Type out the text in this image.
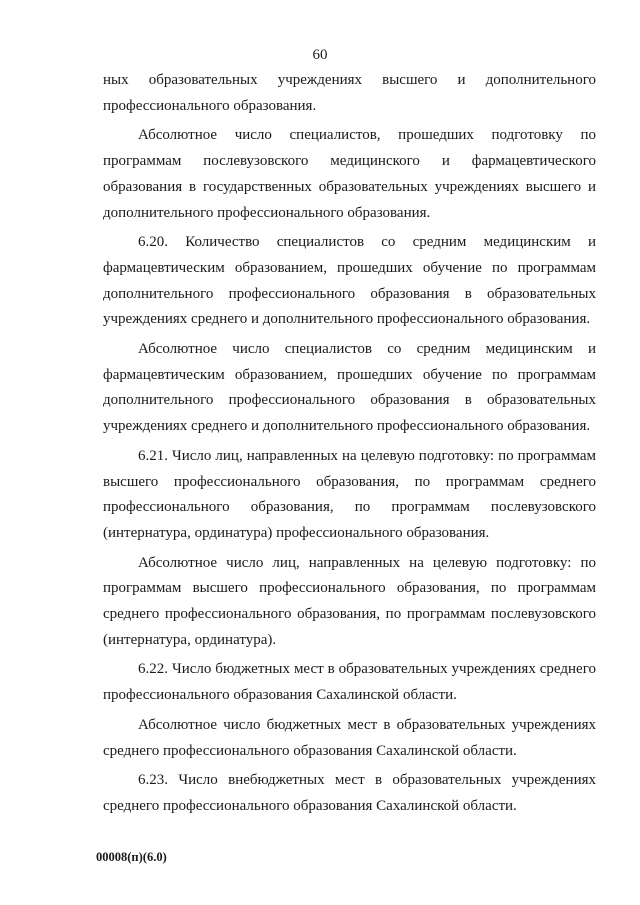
60

ных образовательных учреждениях высшего и дополнительного профессионального образования.

Абсолютное число специалистов, прошедших подготовку по программам послевузовского медицинского и фармацевтического образования в государственных образовательных учреждениях высшего и дополнительного профессионального образования.

6.20. Количество специалистов со средним медицинским и фармацевтическим образованием, прошедших обучение по программам дополнительного профессионального образования в образовательных учреждениях среднего и дополнительного профессионального образования.

Абсолютное число специалистов со средним медицинским и фармацевтическим образованием, прошедших обучение по программам дополнительного профессионального образования в образовательных учреждениях среднего и дополнительного профессионального образования.

6.21. Число лиц, направленных на целевую подготовку: по программам высшего профессионального образования, по программам среднего профессионального образования, по программам послевузовского (интернатура, ординатура) профессионального образования.

Абсолютное число лиц, направленных на целевую подготовку: по программам высшего профессионального образования, по программам среднего профессионального образования, по программам послевузовского (интернатура, ординатура).

6.22. Число бюджетных мест в образовательных учреждениях среднего профессионального образования Сахалинской области.

Абсолютное число бюджетных мест в образовательных учреждениях среднего профессионального образования Сахалинской области.

6.23. Число внебюджетных мест в образовательных учреждениях среднего профессионального образования Сахалинской области.

00008(п)(6.0)
